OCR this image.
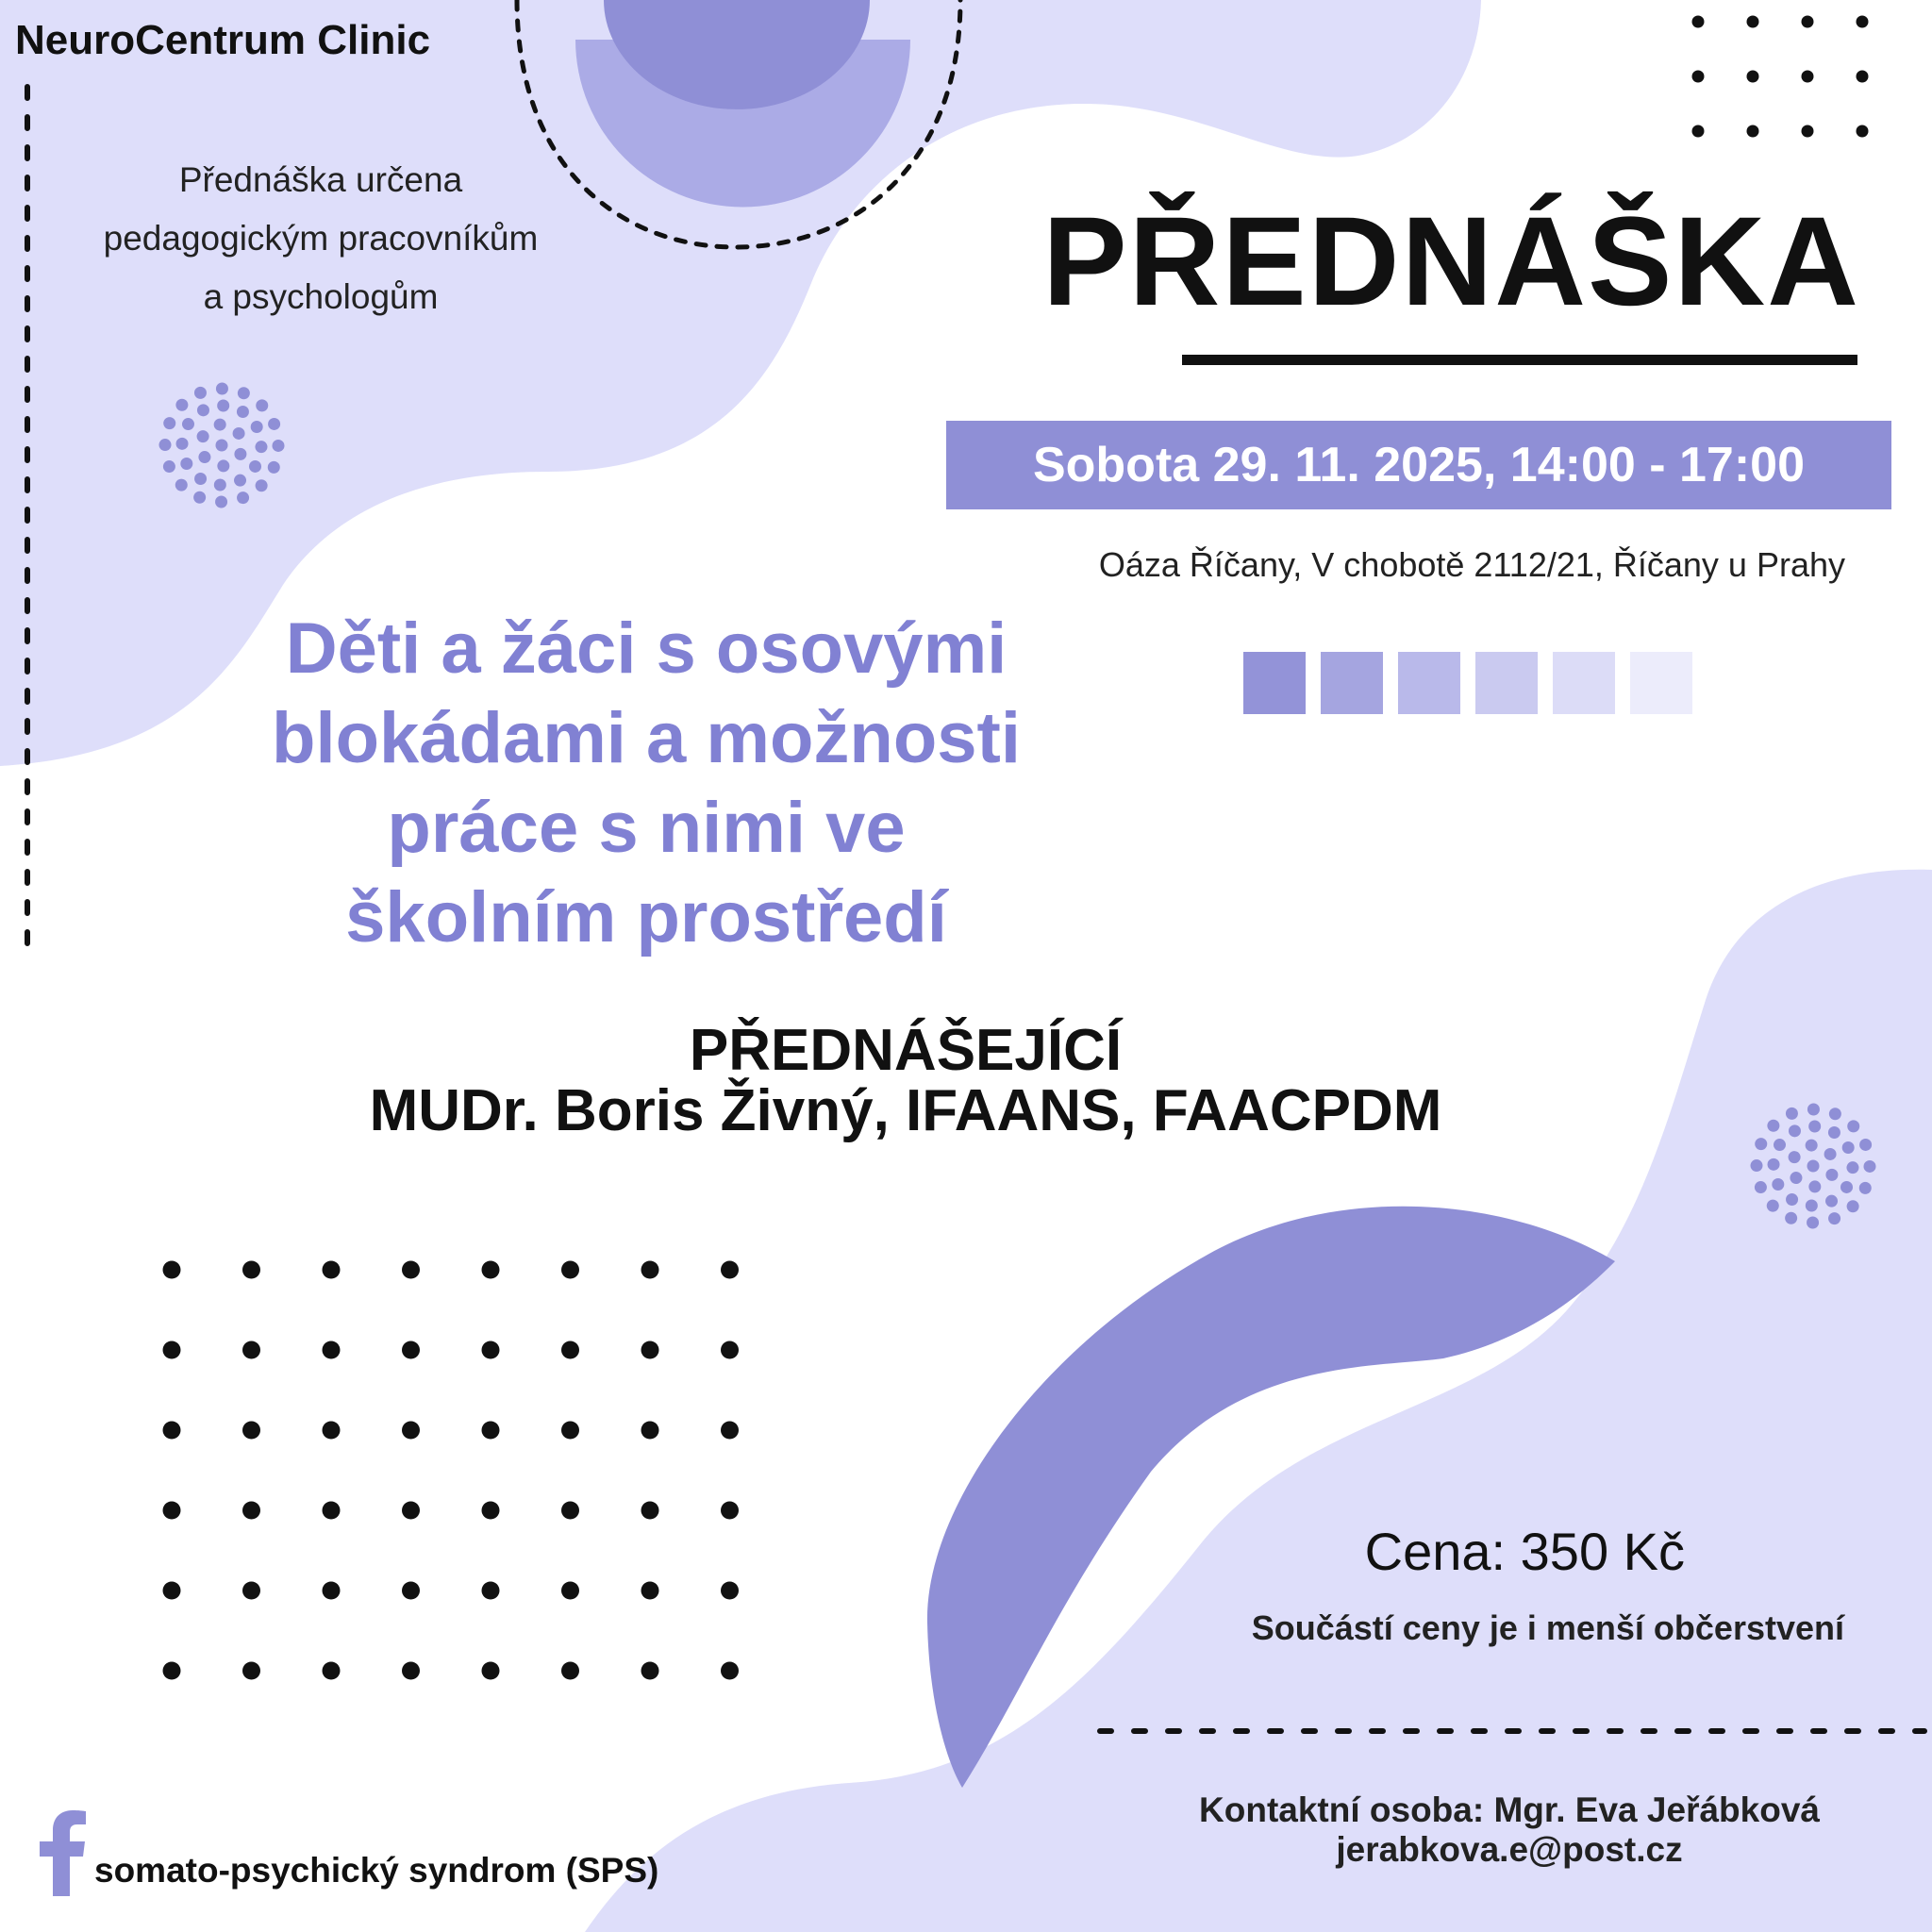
NeuroCentrum Clinic
Přednáška určena
pedagogickým pracovníkům
a psychologům	PŘEDNÁŠKA
Sobota 29. 11. 2025, 14:00 - 17:00
Oáza Říčany, V chobotě 2112/21, Říčany u Prahy
Děti a žáci s osovými
blokádami a možnosti
práce s nimi ve
školním prostředí
PŘEDNÁŠEJÍCÍ
MUDr. Boris Živný, IFAANS, FAACPDM
Cena: 350 Kč
Součástí ceny je i menší občerstvení
Kontaktní osoba: Mgr. Eva Jeřábková
jerabkova.e@post.cz
somato-psychický syndrom (SPS)
